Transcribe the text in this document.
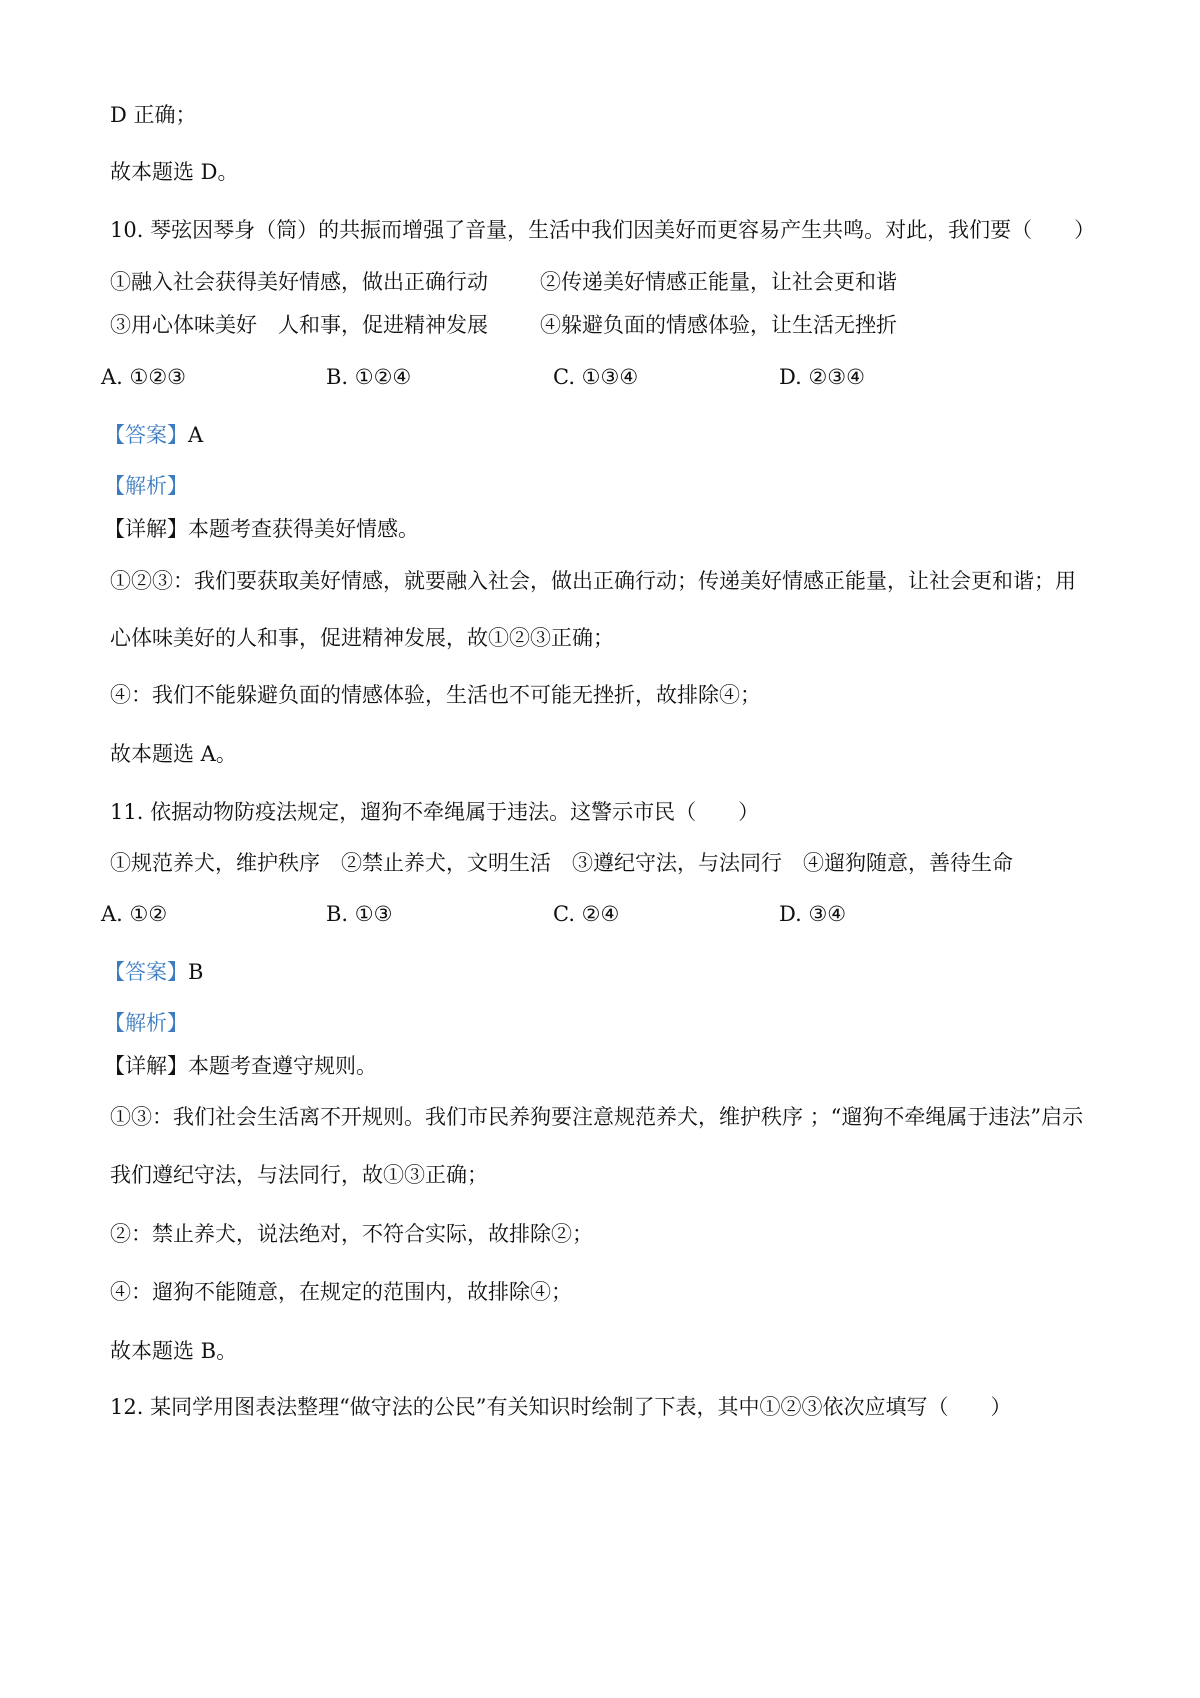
D 正确；
故本题选 D。
10. 琴弦因琴身（筒）的共振而增强了音量，生活中我们因美好而更容易产生共鸣。对此，我们要（　　）
①融入社会获得美好情感，做出正确行动 ②传递美好情感正能量，让社会更和谐
③用心体味美好　人和事，促进精神发展 ④躲避负面的情感体验，让生活无挫折
A. ①②③	B. ①②④	C. ①③④	D. ②③④
【答案】A
【解析】
【详解】本题考查获得美好情感。
①②③：我们要获取美好情感，就要融入社会，做出正确行动；传递美好情感正能量，让社会更和谐；用
心体味美好的人和事，促进精神发展，故①②③正确；
④：我们不能躲避负面的情感体验，生活也不可能无挫折，故排除④；
故本题选 A。
11. 依据动物防疫法规定，遛狗不牵绳属于违法。这警示市民（　　）
①规范养犬，维护秩序　②禁止养犬，文明生活　③遵纪守法，与法同行　④遛狗随意，善待生命
A. ①②	B. ①③	C. ②④	D. ③④
【答案】B
【解析】
【详解】本题考查遵守规则。
①③：我们社会生活离不开规则。我们市民养狗要注意规范养犬，维护秩序 ；“遛狗不牵绳属于违法”启示
我们遵纪守法，与法同行，故①③正确；
②：禁止养犬，说法绝对，不符合实际，故排除②；
④：遛狗不能随意，在规定的范围内，故排除④；
故本题选 B。
12. 某同学用图表法整理“做守法的公民”有关知识时绘制了下表，其中①②③依次应填写（　　）
